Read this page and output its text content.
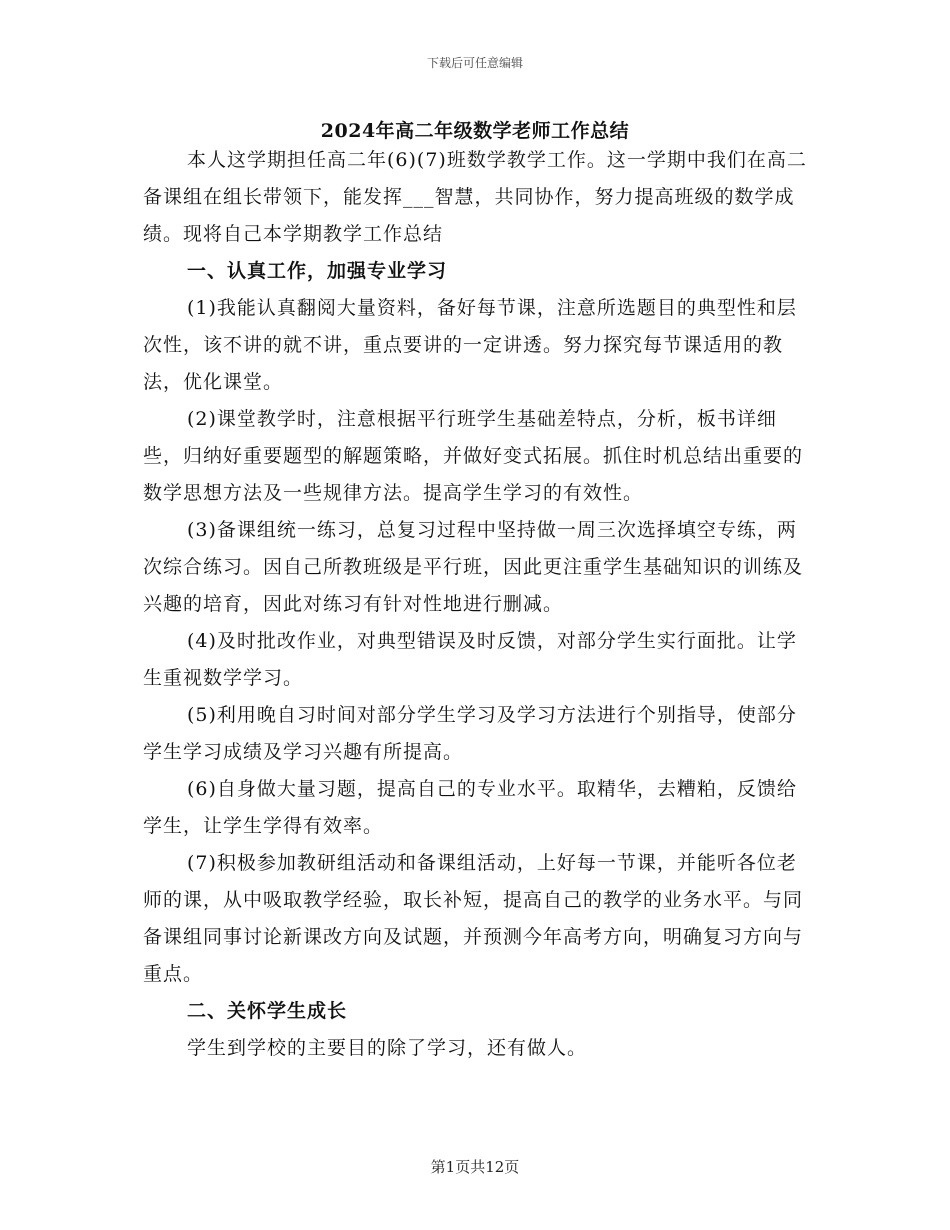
下载后可任意编辑
2024年高二年级数学老师工作总结

本人这学期担任高二年(6)(7)班数学教学工作。这一学期中我们在高二备课组在组长带领下，能发挥___智慧，共同协作，努力提高班级的数学成绩。现将自己本学期教学工作总结

一、认真工作，加强专业学习

(1)我能认真翻阅大量资料，备好每节课，注意所选题目的典型性和层次性，该不讲的就不讲，重点要讲的一定讲透。努力探究每节课适用的教法，优化课堂。

(2)课堂教学时，注意根据平行班学生基础差特点，分析，板书详细些，归纳好重要题型的解题策略，并做好变式拓展。抓住时机总结出重要的数学思想方法及一些规律方法。提高学生学习的有效性。

(3)备课组统一练习，总复习过程中坚持做一周三次选择填空专练，两次综合练习。因自己所教班级是平行班，因此更注重学生基础知识的训练及兴趣的培育，因此对练习有针对性地进行删减。

(4)及时批改作业，对典型错误及时反馈，对部分学生实行面批。让学生重视数学学习。

(5)利用晚自习时间对部分学生学习及学习方法进行个别指导，使部分学生学习成绩及学习兴趣有所提高。

(6)自身做大量习题，提高自己的专业水平。取精华，去糟粕，反馈给学生，让学生学得有效率。

(7)积极参加教研组活动和备课组活动，上好每一节课，并能听各位老师的课，从中吸取教学经验，取长补短，提高自己的教学的业务水平。与同备课组同事讨论新课改方向及试题，并预测今年高考方向，明确复习方向与重点。

二、关怀学生成长

学生到学校的主要目的除了学习，还有做人。

第1页共12页
